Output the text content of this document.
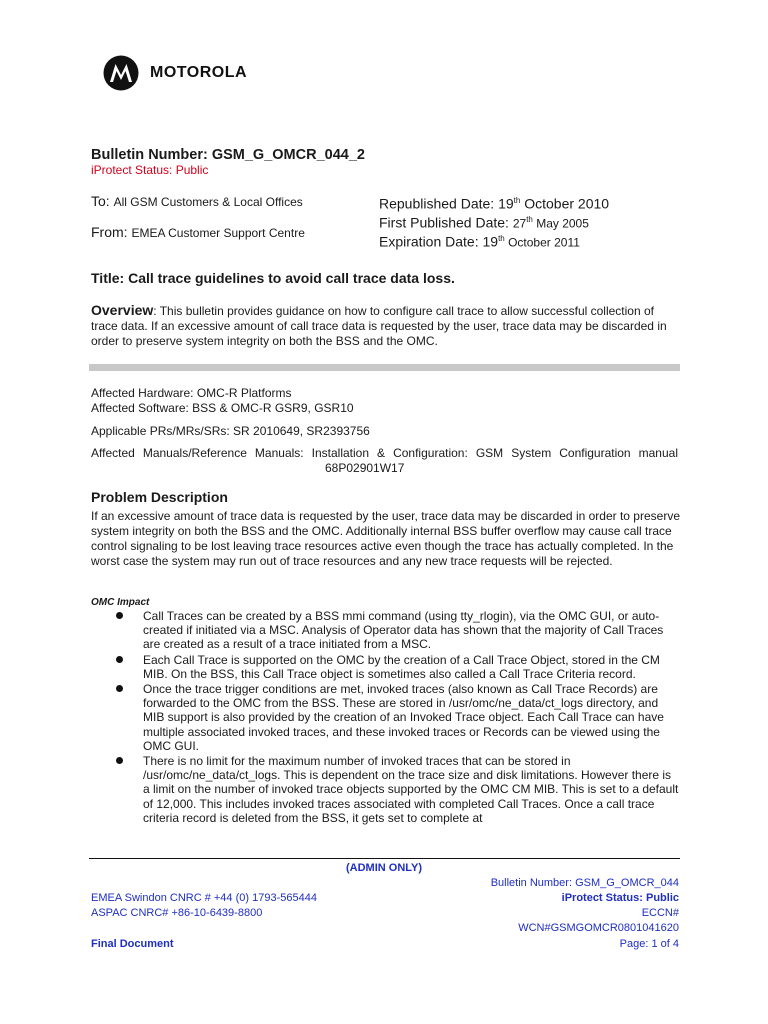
MOTOROLA
Bulletin Number: GSM_G_OMCR_044_2
iProtect Status: Public
To: All GSM Customers & Local Offices
From: EMEA Customer Support Centre
Republished Date: 19th October 2010
First Published Date: 27th May 2005
Expiration Date: 19th October 2011
Title: Call trace guidelines to avoid call trace data loss.
Overview: This bulletin provides guidance on how to configure call trace to allow successful collection of trace data. If an excessive amount of call trace data is requested by the user, trace data may be discarded in order to preserve system integrity on both the BSS and the OMC.
Affected Hardware: OMC-R Platforms
Affected Software: BSS & OMC-R GSR9, GSR10
Applicable PRs/MRs/SRs: SR 2010649, SR2393756
Affected Manuals/Reference Manuals: Installation & Configuration: GSM System Configuration manual
68P02901W17
Problem Description
If an excessive amount of trace data is requested by the user, trace data may be discarded in order to preserve system integrity on both the BSS and the OMC. Additionally internal BSS buffer overflow may cause call trace control signaling to be lost leaving trace resources active even though the trace has actually completed. In the worst case the system may run out of trace resources and any new trace requests will be rejected.
OMC Impact
Call Traces can be created by a BSS mmi command (using tty_rlogin), via the OMC GUI, or auto- created if initiated via a MSC. Analysis of Operator data has shown that the majority of Call Traces are created as a result of a trace initiated from a MSC.
Each Call Trace is supported on the OMC by the creation of a Call Trace Object, stored in the CM MIB. On the BSS, this Call Trace object is sometimes also called a Call Trace Criteria record.
Once the trace trigger conditions are met, invoked traces (also known as Call Trace Records) are forwarded to the OMC from the BSS. These are stored in /usr/omc/ne_data/ct_logs directory, and MIB support is also provided by the creation of an Invoked Trace object. Each Call Trace can have multiple associated invoked traces, and these invoked traces or Records can be viewed using the OMC GUI.
There is no limit for the maximum number of invoked traces that can be stored in /usr/omc/ne_data/ct_logs. This is dependent on the trace size and disk limitations. However there is a limit on the number of invoked trace objects supported by the OMC CM MIB. This is set to a default of 12,000. This includes invoked traces associated with completed Call Traces. Once a call trace criteria record is deleted from the BSS, it gets set to complete at
(ADMIN ONLY)
Bulletin Number: GSM_G_OMCR_044
EMEA Swindon CNRC # +44 (0) 1793-565444	iProtect Status: Public
ASPAC CNRC# +86-10-6439-8800	ECCN#
WCN#GSMGOMCR0801041620
Final Document	Page: 1 of 4
